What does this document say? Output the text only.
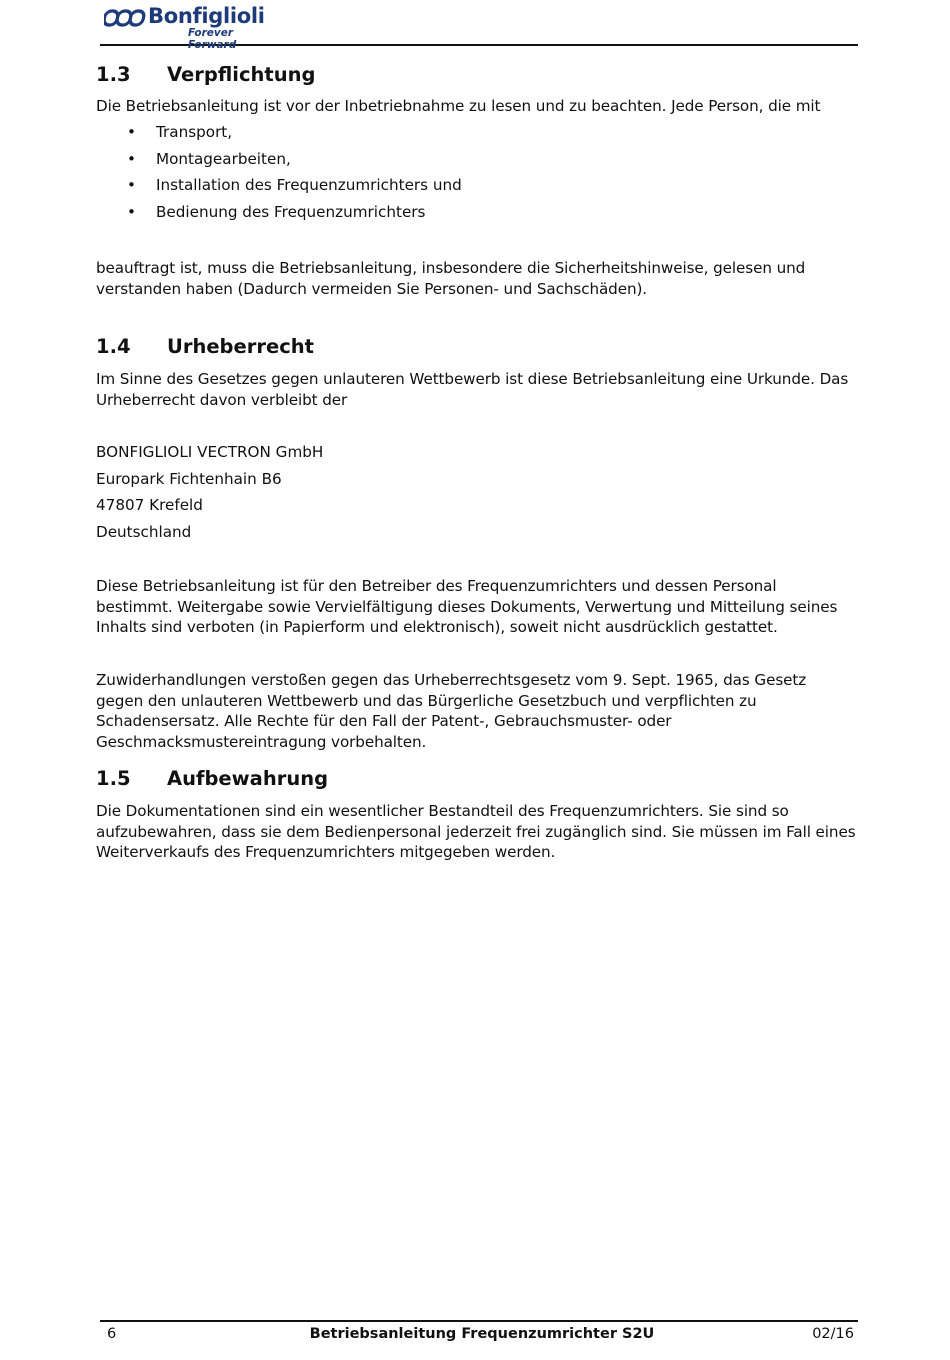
Bonfiglioli
Forever Forward
1.3 Verpflichtung

Die Betriebsanleitung ist vor der Inbetriebnahme zu lesen und zu beachten. Jede Person, die mit

• Transport,
• Montagearbeiten,
• Installation des Frequenzumrichters und
• Bedienung des Frequenzumrichters

beauftragt ist, muss die Betriebsanleitung, insbesondere die Sicherheitshinweise, gelesen und verstanden haben (Dadurch vermeiden Sie Personen- und Sachschäden).

1.4 Urheberrecht

Im Sinne des Gesetzes gegen unlauteren Wettbewerb ist diese Betriebsanleitung eine Urkunde. Das Urheberrecht davon verbleibt der

BONFIGLIOLI VECTRON GmbH
Europark Fichtenhain B6
47807 Krefeld
Deutschland

Diese Betriebsanleitung ist für den Betreiber des Frequenzumrichters und dessen Personal bestimmt. Weitergabe sowie Vervielfältigung dieses Dokuments, Verwertung und Mitteilung seines Inhalts sind verboten (in Papierform und elektronisch), soweit nicht ausdrücklich gestattet.

Zuwiderhandlungen verstoßen gegen das Urheberrechtsgesetz vom 9. Sept. 1965, das Gesetz gegen den unlauteren Wettbewerb und das Bürgerliche Gesetzbuch und verpflichten zu Schadensersatz. Alle Rechte für den Fall der Patent-, Gebrauchsmuster- oder Geschmacksmustereintragung vorbehalten.

1.5 Aufbewahrung

Die Dokumentationen sind ein wesentlicher Bestandteil des Frequenzumrichters. Sie sind so aufzubewahren, dass sie dem Bedienpersonal jederzeit frei zugänglich sind. Sie müssen im Fall eines Weiterverkaufs des Frequenzumrichters mitgegeben werden.

6	Betriebsanleitung Frequenzumrichter S2U	02/16
